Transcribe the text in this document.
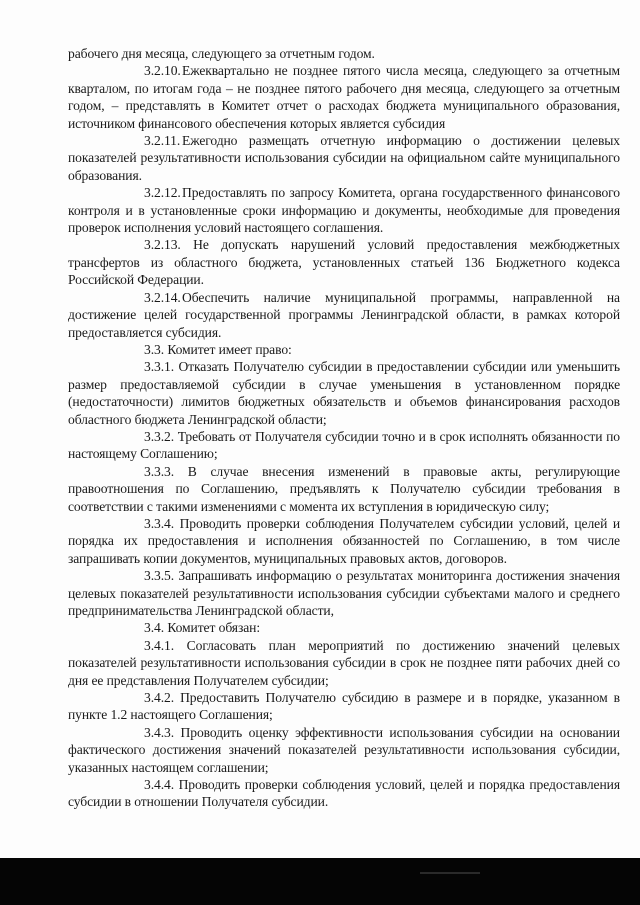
рабочего дня месяца, следующего за отчетным годом.

3.2.10.Ежеквартально не позднее пятого числа месяца, следующего за отчетным кварталом, по итогам года – не позднее пятого рабочего дня месяца, следующего за отчетным годом, – представлять в Комитет отчет о расходах бюджета муниципального образования, источником финансового обеспечения которых является субсидия

3.2.11. Ежегодно размещать отчетную информацию о достижении целевых показателей результативности использования субсидии на официальном сайте муниципального образования.

3.2.12.Предоставлять по запросу Комитета, органа государственного финансового контроля и в установленные сроки информацию и документы, необходимые для проведения проверок исполнения условий настоящего соглашения.

3.2.13. Не допускать нарушений условий предоставления межбюджетных трансфертов из областного бюджета, установленных статьей 136 Бюджетного кодекса Российской Федерации.

3.2.14.Обеспечить наличие муниципальной программы, направленной на достижение целей государственной программы Ленинградской области, в рамках которой предоставляется субсидия.

3.3. Комитет имеет право:

3.3.1. Отказать Получателю субсидии в предоставлении субсидии или уменьшить размер предоставляемой субсидии в случае уменьшения в установленном порядке (недостаточности) лимитов бюджетных обязательств и объемов финансирования расходов областного бюджета Ленинградской области;

3.3.2. Требовать от Получателя субсидии точно и в срок исполнять обязанности по настоящему Соглашению;

3.3.3. В случае внесения изменений в правовые акты, регулирующие правоотношения по Соглашению, предъявлять к Получателю субсидии требования в соответствии с такими изменениями с момента их вступления в юридическую силу;

3.3.4. Проводить проверки соблюдения Получателем субсидии условий, целей и порядка их предоставления и исполнения обязанностей по Соглашению, в том числе запрашивать копии документов, муниципальных правовых актов, договоров.

3.3.5. Запрашивать информацию о результатах мониторинга достижения значения целевых показателей результативности использования субсидии субъектами малого и среднего предпринимательства Ленинградской области,

3.4. Комитет обязан:

3.4.1. Согласовать план мероприятий по достижению значений целевых показателей результативности использования субсидии в срок не позднее пяти рабочих дней со дня ее представления Получателем субсидии;

3.4.2. Предоставить Получателю субсидию в размере и в порядке, указанном в пункте 1.2 настоящего Соглашения;

3.4.3. Проводить оценку эффективности использования субсидии на основании фактического достижения значений показателей результативности использования субсидии, указанных настоящем соглашении;

3.4.4. Проводить проверки соблюдения условий, целей и порядка предоставления субсидии в отношении Получателя субсидии.
